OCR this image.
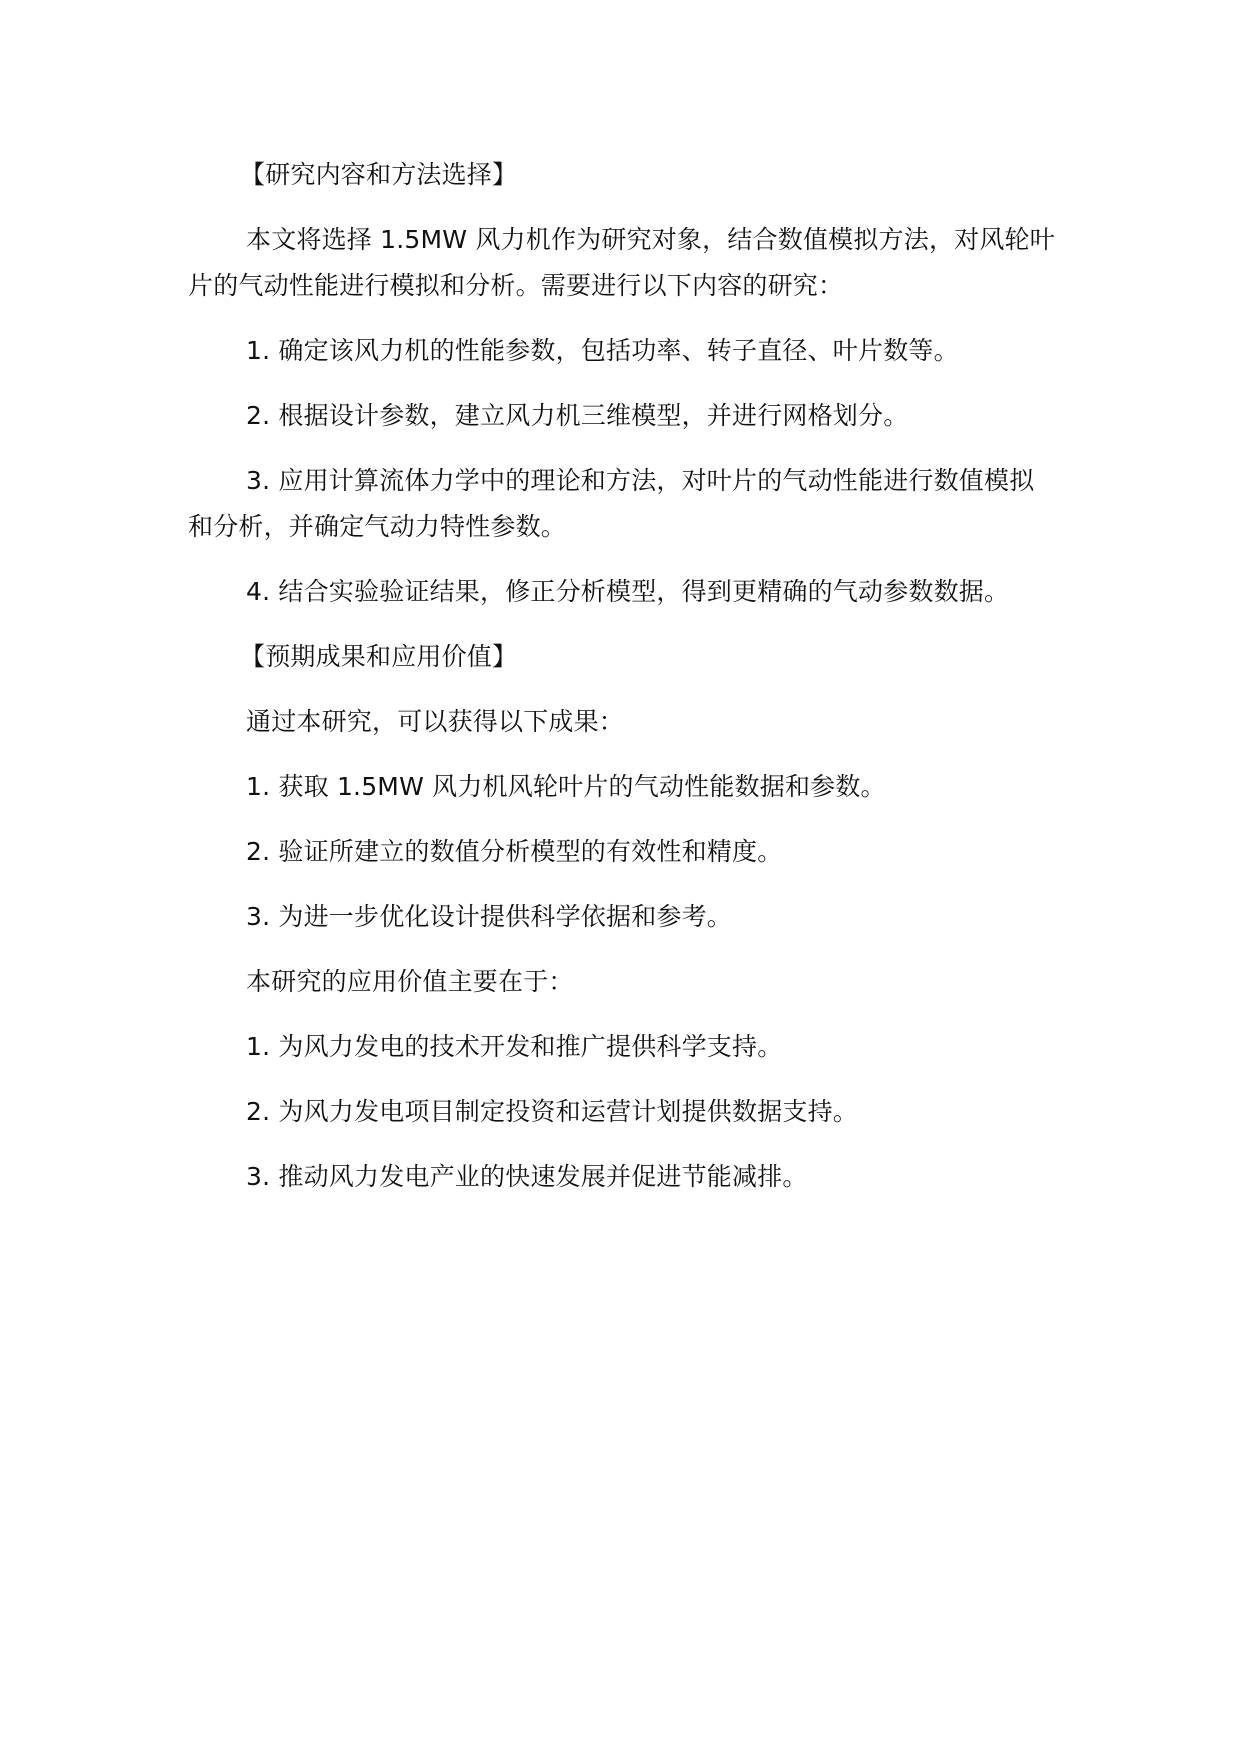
【研究内容和方法选择】

本文将选择 1.5MW 风力机作为研究对象，结合数值模拟方法，对风轮叶片的气动性能进行模拟和分析。需要进行以下内容的研究：

1. 确定该风力机的性能参数，包括功率、转子直径、叶片数等。

2. 根据设计参数，建立风力机三维模型，并进行网格划分。

3. 应用计算流体力学中的理论和方法，对叶片的气动性能进行数值模拟和分析，并确定气动力特性参数。

4. 结合实验验证结果，修正分析模型，得到更精确的气动参数数据。

【预期成果和应用价值】

通过本研究，可以获得以下成果：

1. 获取 1.5MW 风力机风轮叶片的气动性能数据和参数。

2. 验证所建立的数值分析模型的有效性和精度。

3. 为进一步优化设计提供科学依据和参考。

本研究的应用价值主要在于：

1. 为风力发电的技术开发和推广提供科学支持。

2. 为风力发电项目制定投资和运营计划提供数据支持。

3. 推动风力发电产业的快速发展并促进节能减排。
